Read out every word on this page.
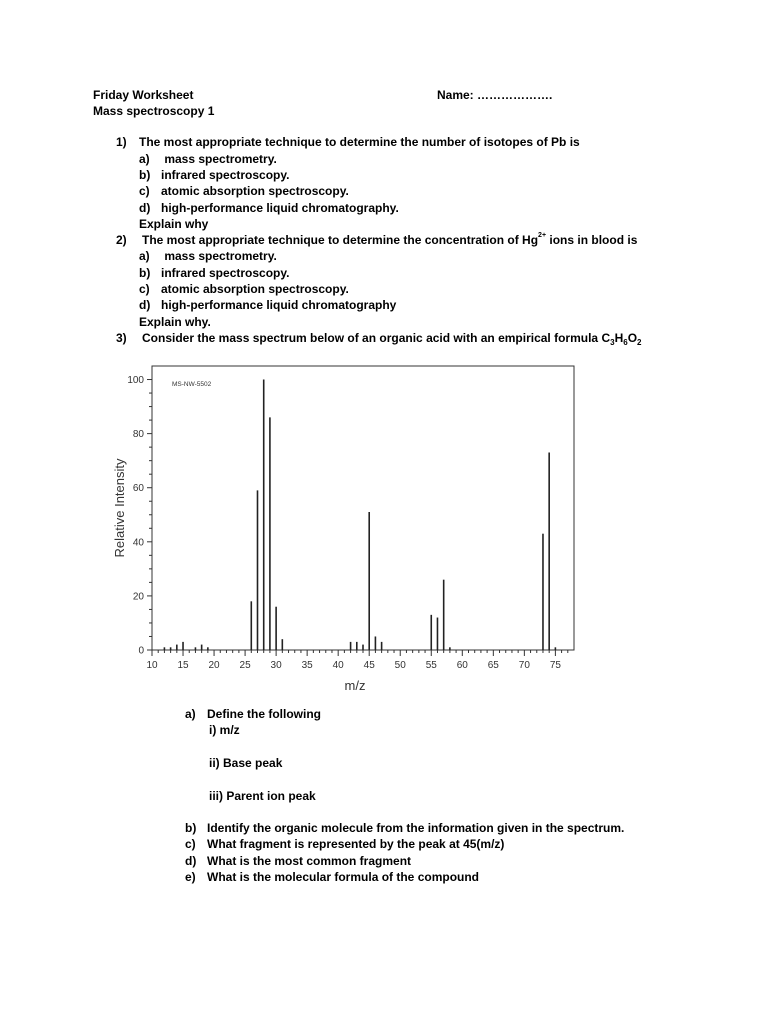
Friday Worksheet	Name: ……………….
Mass spectroscopy 1
1) The most appropriate technique to determine the number of isotopes of Pb is
a) mass spectrometry.
b) infrared spectroscopy.
c) atomic absorption spectroscopy.
d) high-performance liquid chromatography.
Explain why
2) The most appropriate technique to determine the concentration of $Hg^{2+}$ ions in blood is
a) mass spectrometry.
b) infrared spectroscopy.
c) atomic absorption spectroscopy.
d) high-performance liquid chromatography
Explain why.
3) Consider the mass spectrum below of an organic acid with an empirical formula $C_3H_6O_2$
0
20
40
60
80
100
10 15 20 25 30 35 40 45 50 55 60 65 70 75
MS-NW-5502
m/z
Relative Intensity
a) Define the following
i) m/z
ii) Base peak
iii) Parent ion peak
b) Identify the organic molecule from the information given in the spectrum.
c) What fragment is represented by the peak at 45(m/z)
d) What is the most common fragment
e) What is the molecular formula of the compound
